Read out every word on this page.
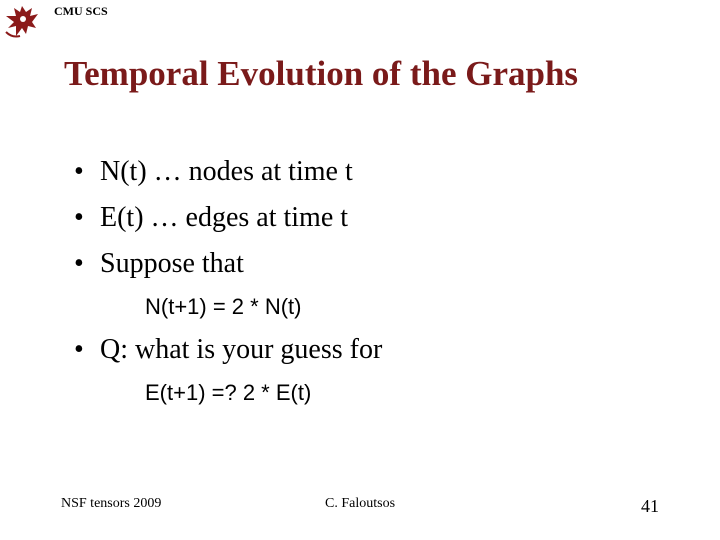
CMU SCS
Temporal Evolution of the Graphs
• N(t) … nodes at time t
• E(t) … edges at time t
• Suppose that
N(t+1) = 2 * N(t)
• Q: what is your guess for
E(t+1) =? 2 * E(t)
NSF tensors 2009	C. Faloutsos	41
